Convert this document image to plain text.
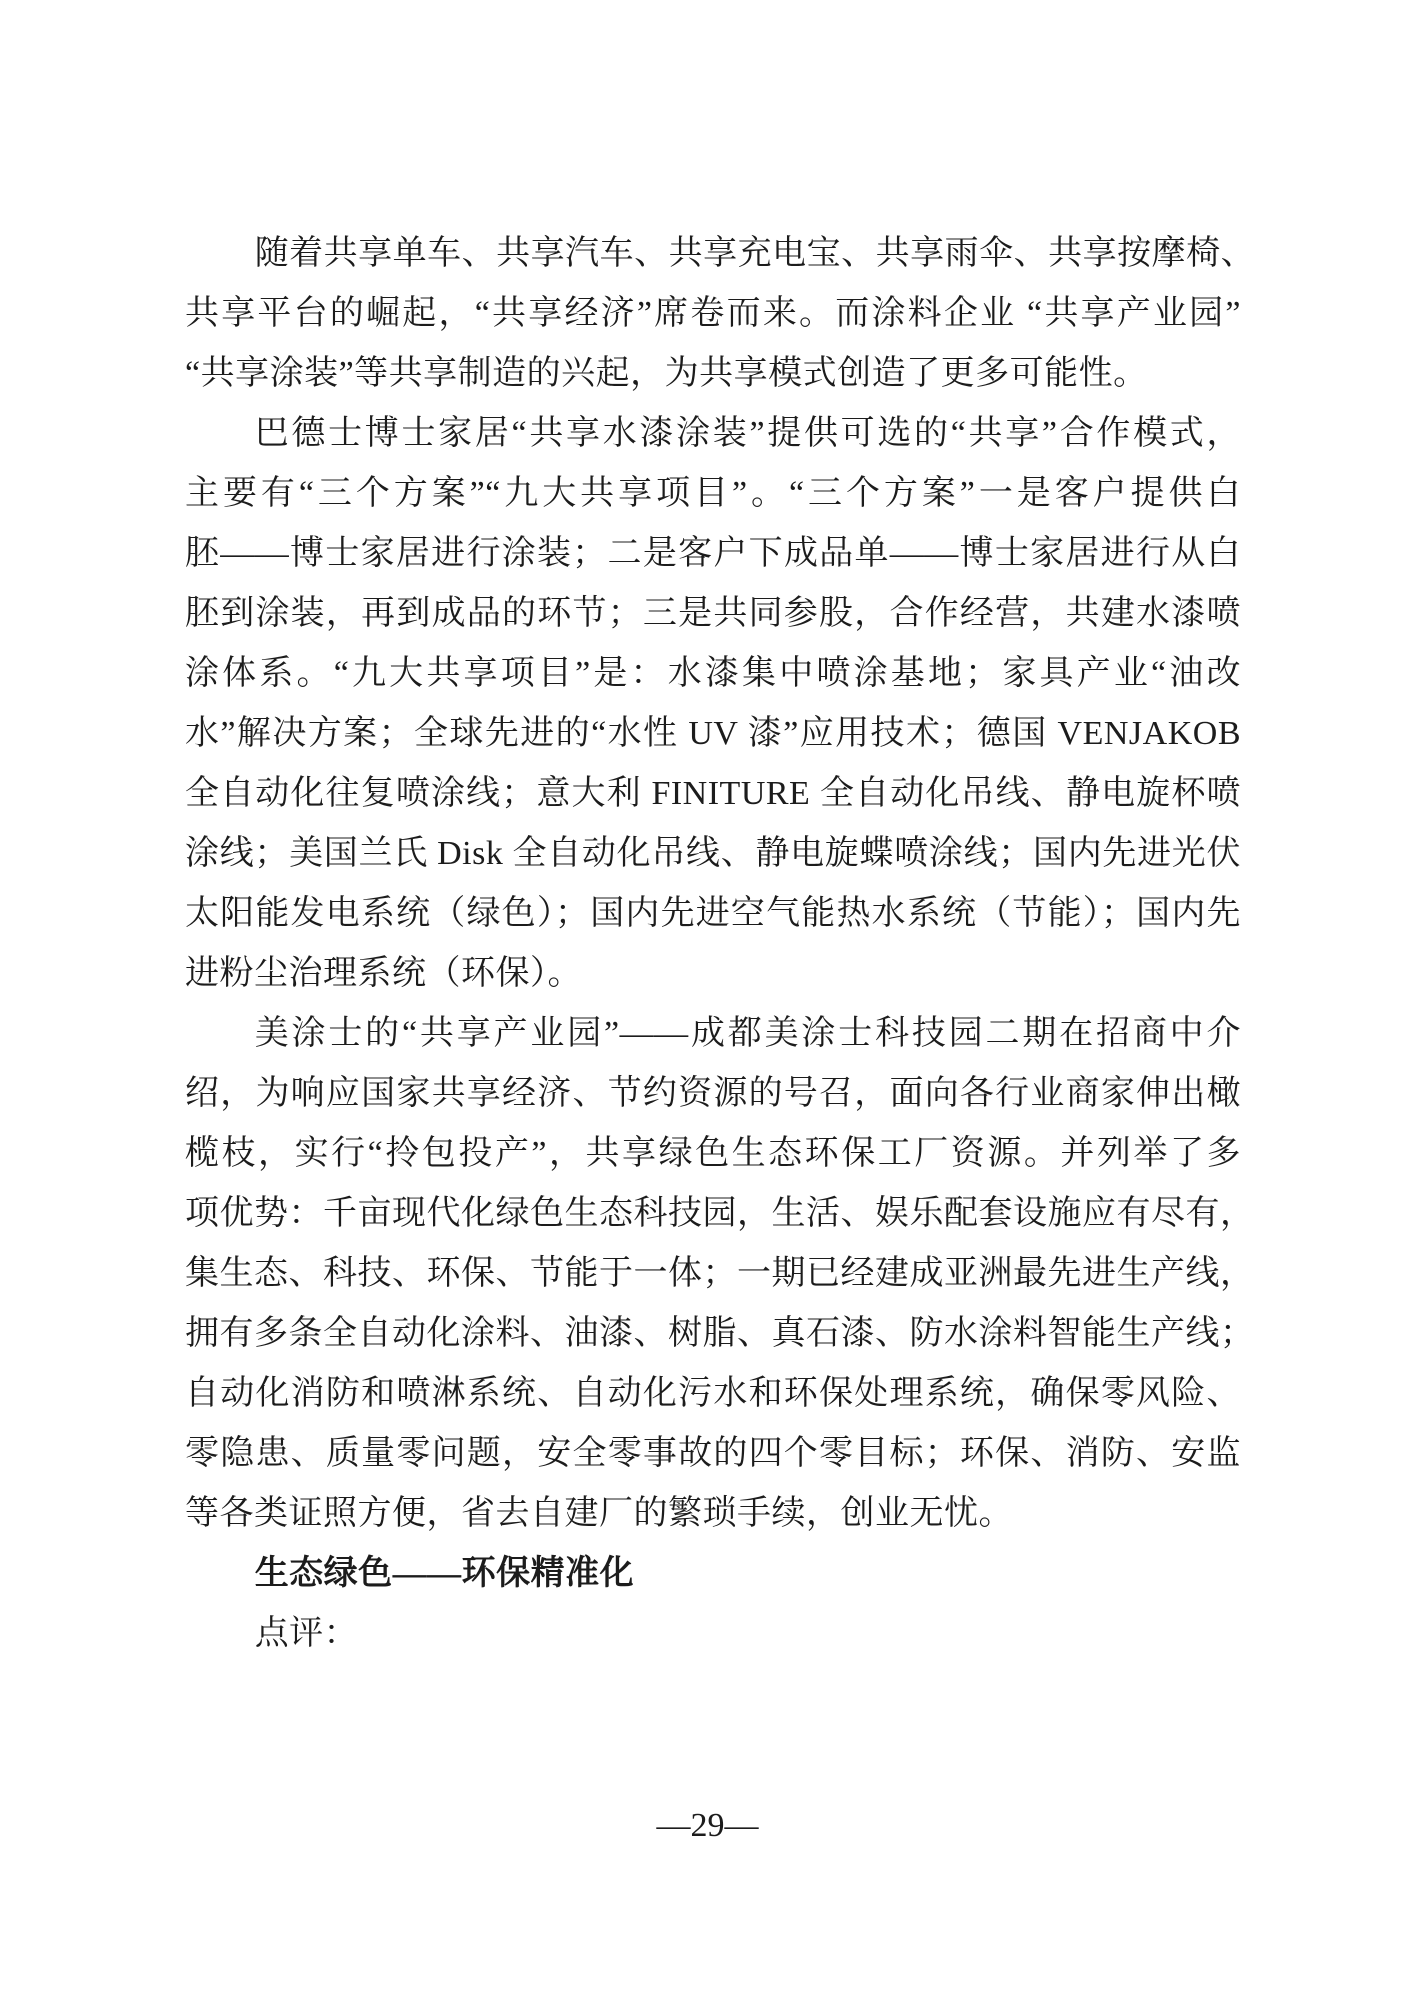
随着共享单车、共享汽车、共享充电宝、共享雨伞、共享按摩椅、
共享平台的崛起，“共享经济”席卷而来。而涂料企业 “共享产业园”
“共享涂装”等共享制造的兴起，为共享模式创造了更多可能性。
巴德士博士家居“共享水漆涂装”提供可选的“共享”合作模式，
主要有“三个方案”“九大共享项目”。“三个方案”一是客户提供白
胚——博士家居进行涂装；二是客户下成品单——博士家居进行从白
胚到涂装，再到成品的环节；三是共同参股，合作经营，共建水漆喷
涂体系。“九大共享项目”是：水漆集中喷涂基地；家具产业“油改
水”解决方案；全球先进的“水性 UV 漆”应用技术；德国 VENJAKOB
全自动化往复喷涂线；意大利 FINITURE 全自动化吊线、静电旋杯喷
涂线；美国兰氏 Disk 全自动化吊线、静电旋蝶喷涂线；国内先进光伏
太阳能发电系统（绿色）；国内先进空气能热水系统（节能）；国内先
进粉尘治理系统（环保）。
美涂士的“共享产业园”——成都美涂士科技园二期在招商中介
绍，为响应国家共享经济、节约资源的号召，面向各行业商家伸出橄
榄枝，实行“拎包投产”，共享绿色生态环保工厂资源。并列举了多
项优势：千亩现代化绿色生态科技园，生活、娱乐配套设施应有尽有，
集生态、科技、环保、节能于一体；一期已经建成亚洲最先进生产线，
拥有多条全自动化涂料、油漆、树脂、真石漆、防水涂料智能生产线；
自动化消防和喷淋系统、自动化污水和环保处理系统，确保零风险、
零隐患、质量零问题，安全零事故的四个零目标；环保、消防、安监
等各类证照方便，省去自建厂的繁琐手续，创业无忧。
生态绿色——环保精准化
点评：
—29—
